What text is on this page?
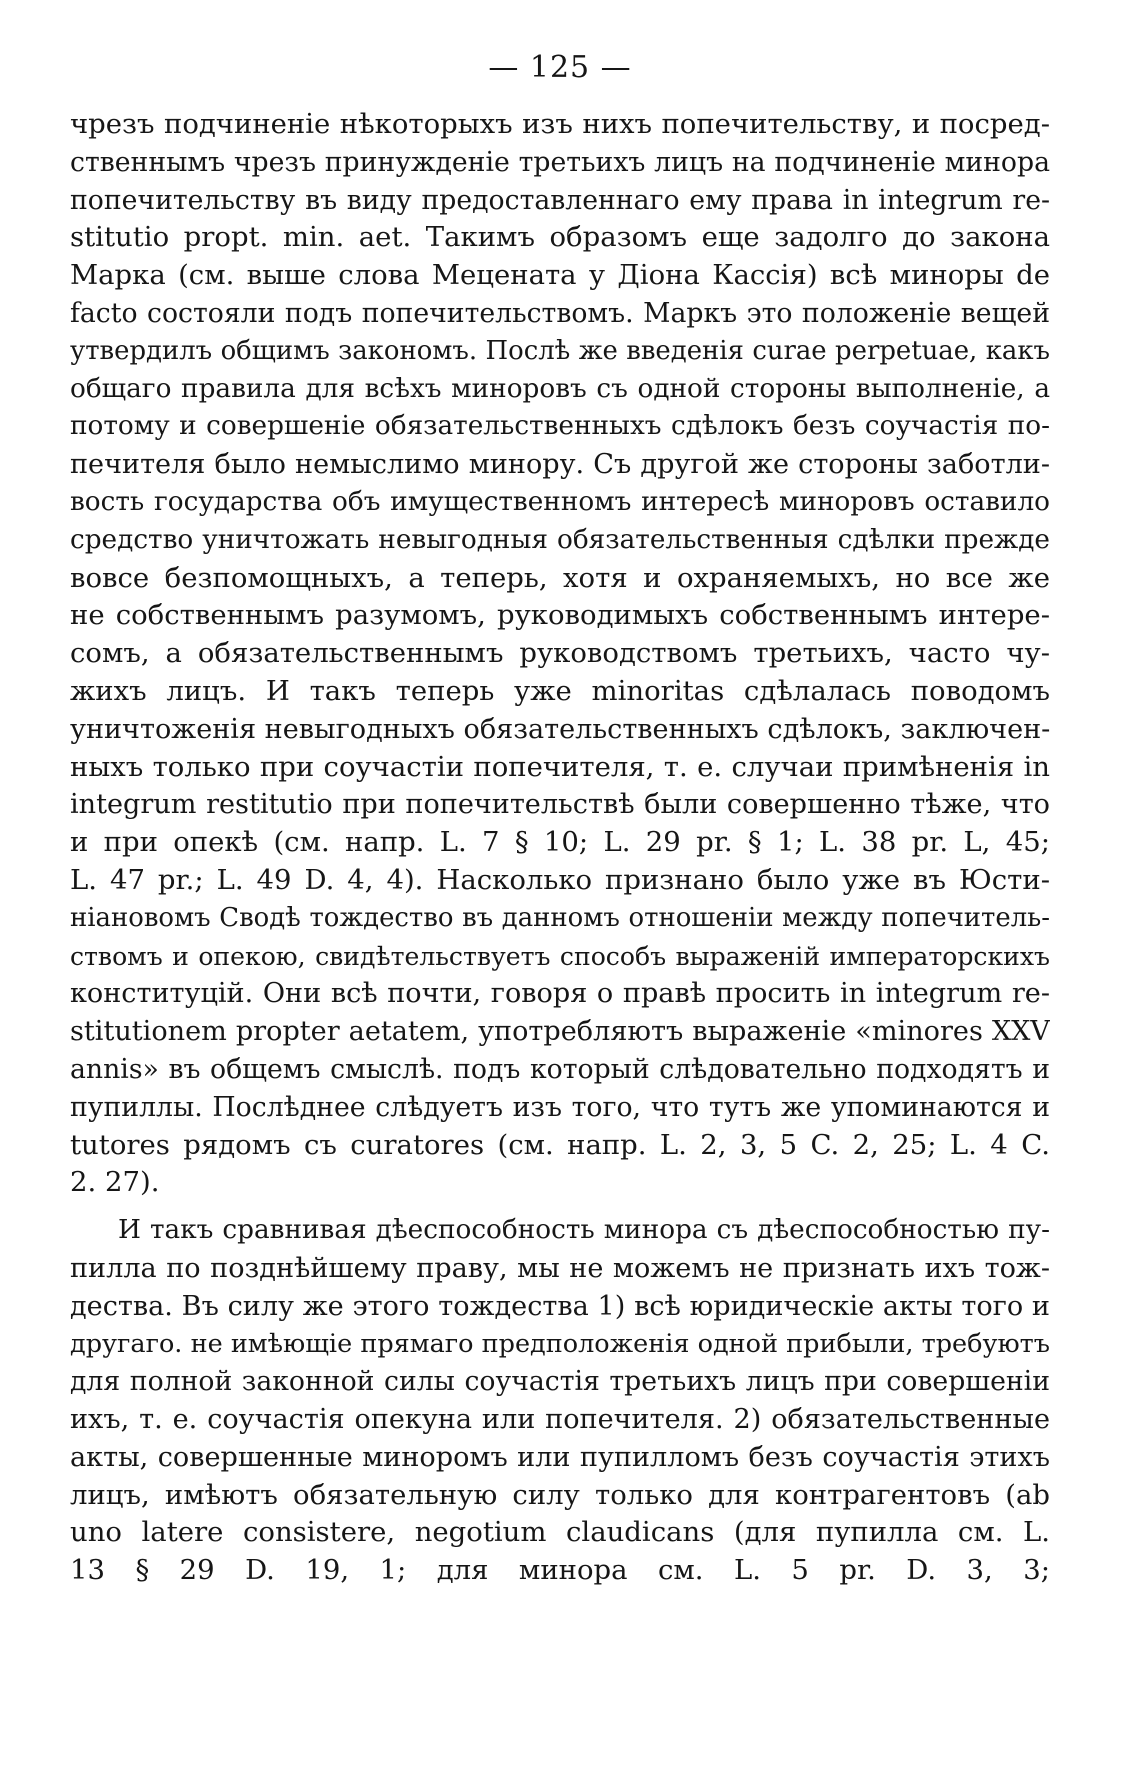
— 125 —

чрезъ подчиненіе нѣкоторыхъ изъ нихъ попечительству, и посред-
ственнымъ чрезъ принужденіе третьихъ лицъ на подчиненіе минора
попечительству въ виду предоставленнаго ему права in integrum re-
stitutio propt. min. aet. Такимъ образомъ еще задолго до закона
Марка (см. выше слова Мецената у Діона Кассія) всѣ миноры de
facto состояли подъ попечительствомъ. Маркъ это положеніе вещей
утвердилъ общимъ закономъ. Послѣ же введенія curae perpetuae, какъ
общаго правила для всѣхъ миноровъ съ одной стороны выполненіе, а
потому и совершеніе обязательственныхъ сдѣлокъ безъ соучастія по-
печителя было немыслимо минору. Съ другой же стороны заботли-
вость государства объ имущественномъ интересѣ миноровъ оставило
средство уничтожать невыгодныя обязательственныя сдѣлки прежде
вовсе безпомощныхъ, а теперь, хотя и охраняемыхъ, но все же
не собственнымъ разумомъ, руководимыхъ собственнымъ интере-
сомъ, а обязательственнымъ руководствомъ третьихъ, часто чу-
жихъ лицъ. И такъ теперь уже minoritas сдѣлалась поводомъ
уничтоженія невыгодныхъ обязательственныхъ сдѣлокъ, заключен-
ныхъ только при соучастіи попечителя, т. е. случаи примѣненія in
integrum restitutio при попечительствѣ были совершенно тѣже, что
и при опекѣ (см. напр. L. 7 § 10; L. 29 pr. § 1; L. 38 pr. L, 45;
L. 47 pr.; L. 49 D. 4, 4). Насколько признано было уже въ Юсти-
ніановомъ Сводѣ тождество въ данномъ отношеніи между попечитель-
ствомъ и опекою, свидѣтельствуетъ способъ выраженій императорскихъ
конституцій. Они всѣ почти, говоря о правѣ просить in integrum re-
stitutionem propter aetatem, употребляютъ выраженіе «minores XXV
annis» въ общемъ смыслѣ. подъ который слѣдовательно подходятъ и
пупиллы. Послѣднее слѣдуетъ изъ того, что тутъ же упоминаются и
tutores рядомъ съ curatores (см. напр. L. 2, 3, 5 C. 2, 25; L. 4 C.
2. 27).

И такъ сравнивая дѣеспособность минора съ дѣеспособностью пу-
пилла по позднѣйшему праву, мы не можемъ не признать ихъ тож-
дества. Въ силу же этого тождества 1) всѣ юридическіе акты того и
другаго. не имѣющіе прямаго предположенія одной прибыли, требуютъ
для полной законной силы соучастія третьихъ лицъ при совершеніи
ихъ, т. е. соучастія опекуна или попечителя. 2) обязательственные
акты, совершенные миноромъ или пупилломъ безъ соучастія этихъ
лицъ, имѣютъ обязательную силу только для контрагентовъ (ab
uno latere consistere, negotium claudicans (для пупилла см. L.
13 § 29 D. 19, 1; для минора см. L. 5 pr. D. 3, 3;
